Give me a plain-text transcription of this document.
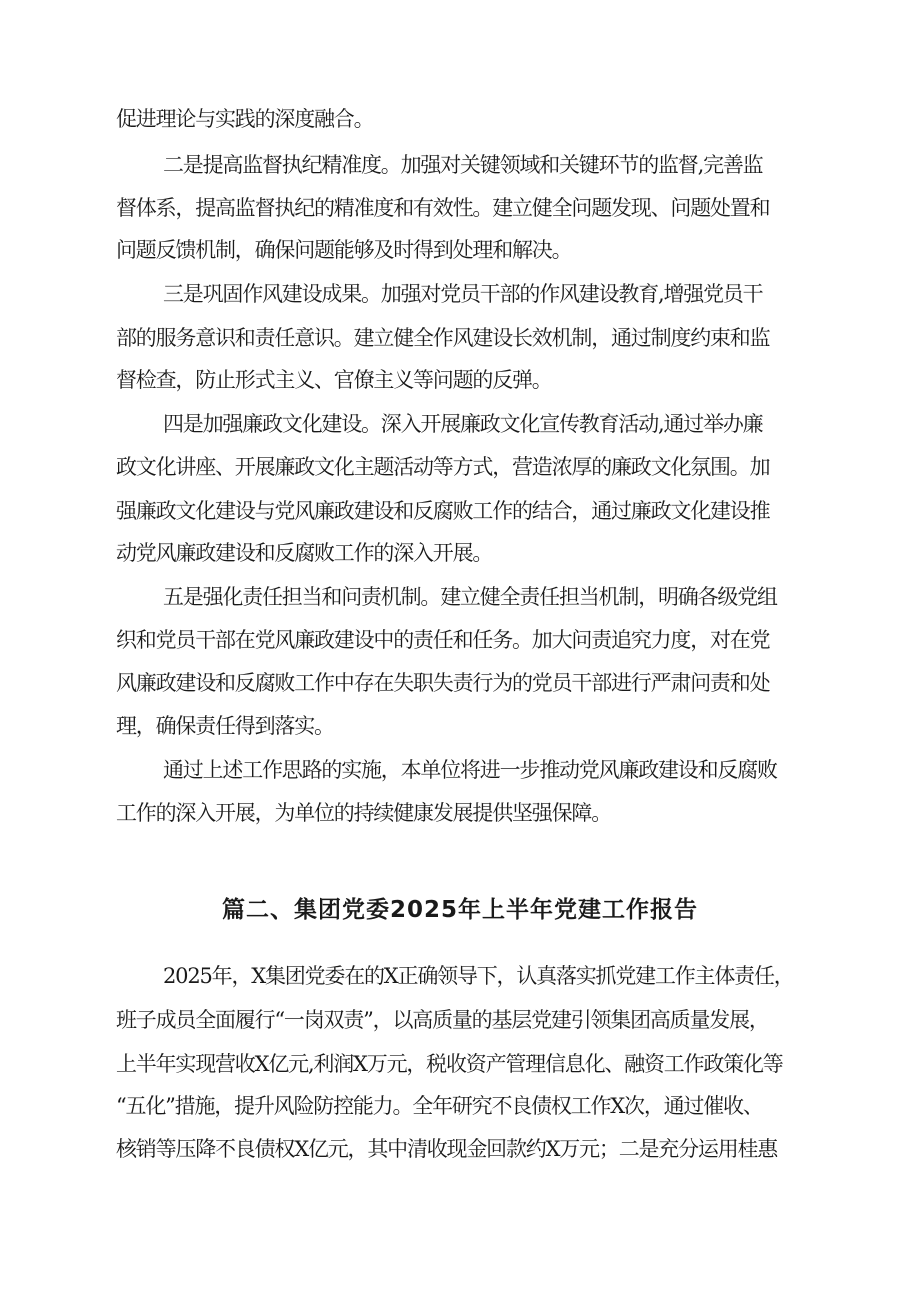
促进理论与实践的深度融合。
二是提高监督执纪精准度。加强对关键领域和关键环节的监督,完善监
督体系，提高监督执纪的精准度和有效性。建立健全问题发现、问题处置和
问题反馈机制，确保问题能够及时得到处理和解决。
三是巩固作风建设成果。加强对党员干部的作风建设教育,增强党员干
部的服务意识和责任意识。建立健全作风建设长效机制，通过制度约束和监
督检查，防止形式主义、官僚主义等问题的反弹。
四是加强廉政文化建设。深入开展廉政文化宣传教育活动,通过举办廉
政文化讲座、开展廉政文化主题活动等方式，营造浓厚的廉政文化氛围。加
强廉政文化建设与党风廉政建设和反腐败工作的结合，通过廉政文化建设推
动党风廉政建设和反腐败工作的深入开展。
五是强化责任担当和问责机制。建立健全责任担当机制，明确各级党组
织和党员干部在党风廉政建设中的责任和任务。加大问责追究力度，对在党
风廉政建设和反腐败工作中存在失职失责行为的党员干部进行严肃问责和处
理，确保责任得到落实。
通过上述工作思路的实施，本单位将进一步推动党风廉政建设和反腐败
工作的深入开展，为单位的持续健康发展提供坚强保障。
篇二、集团党委2025年上半年党建工作报告
2025年，X集团党委在的X正确领导下，认真落实抓党建工作主体责任，
班子成员全面履行“一岗双责”，以高质量的基层党建引领集团高质量发展，
上半年实现营收X亿元,利润X万元，税收资产管理信息化、融资工作政策化等
“五化”措施，提升风险防控能力。全年研究不良债权工作X次，通过催收、
核销等压降不良债权X亿元，其中清收现金回款约X万元；二是充分运用桂惠
